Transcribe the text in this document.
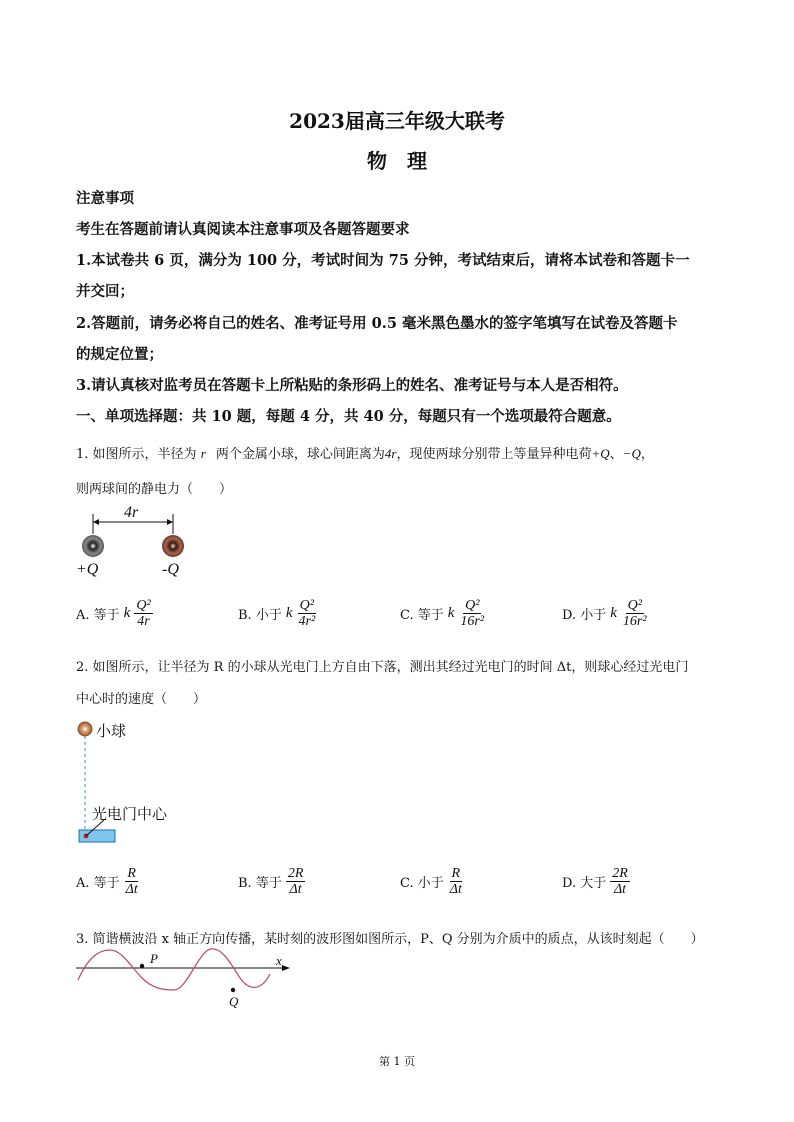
2023届高三年级大联考
物　理
注意事项
考生在答题前请认真阅读本注意事项及各题答题要求
1.本试卷共 6 页，满分为 100 分，考试时间为 75 分钟，考试结束后，请将本试卷和答题卡一
并交回；
2.答题前，请务必将自己的姓名、准考证号用 0.5 毫米黑色墨水的签字笔填写在试卷及答题卡
的规定位置；
3.请认真核对监考员在答题卡上所粘贴的条形码上的姓名、准考证号与本人是否相符。
一、单项选择题：共 10 题，每题 4 分，共 40 分，每题只有一个选项最符合题意。
1. 如图所示，半径为 r 两个金属小球，球心间距离为4r，现使两球分别带上等量异种电荷+Q、−Q，
则两球间的静电力（　　）
4r
+Q	-Q
A. 等于 k $\frac{\text{Q²}}{4r}$	B. 小于 k $\frac{\text{Q²}}{\text{4r²}}$	C. 等于 k $\frac{\text{Q²}}{\text{16r²}}$	D. 小于 k $\frac{\text{Q²}}{\text{16r²}}$
2. 如图所示，让半径为 R 的小球从光电门上方自由下落，测出其经过光电门的时间 Δt，则球心经过光电门
中心时的速度（　　）
小球
光电门中心
A. 等于 $\frac{R}{\Delta t}$	B. 等于 $\frac{2R}{\Delta t}$	C. 小于 $\frac{R}{\Delta t}$	D. 大于 $\frac{2R}{\Delta t}$
3. 简谐横波沿 x 轴正方向传播，某时刻的波形图如图所示，P、Q 分别为介质中的质点，从该时刻起（　　）
P	x
Q
第 1 页
